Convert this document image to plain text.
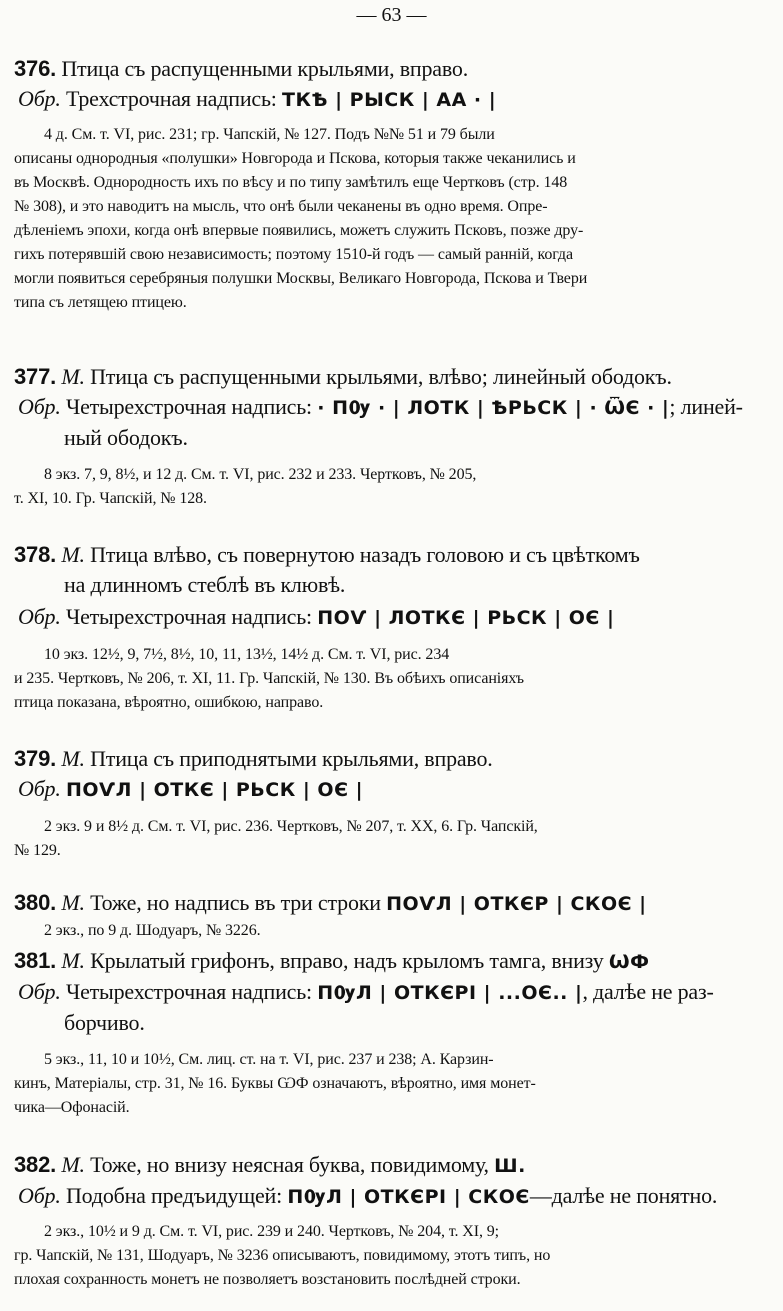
— 63 —
376. Птица съ распущенными крыльями, вправо.
Обр. Трехстрочная надпись: ТКѢ | РЫСК | АА · |
4 д. См. т. VI, рис. 231; гр. Чапскій, № 127. Подъ №№ 51 и 79 были
описаны однородныя «полушки» Новгорода и Пскова, которыя также чеканились и
въ Москвѣ. Однородность ихъ по вѣсу и по типу замѣтилъ еще Чертковъ (стр. 148
№ 308), и это наводитъ на мысль, что онѣ были чеканены въ одно время. Опре-
дѣленіемъ эпохи, когда онѣ впервые появились, можетъ служить Псковъ, позже дру-
гихъ потерявшій свою независимость; поэтому 1510-й годъ — самый ранній, когда
могли появиться серебряныя полушки Москвы, Великаго Новгорода, Пскова и Твери
типа съ летящею птицею.
377. М. Птица съ распущенными крыльями, влѣво; линейный ободокъ.
Обр. Четырехстрочная надпись: · ПѸ · | ЛОТК | ѢРЬСК | · ѾЄ · |; линей-
ный ободокъ.
8 экз. 7, 9, 8½, и 12 д. См. т. VI, рис. 232 и 233. Чертковъ, № 205,
т. XI, 10. Гр. Чапскій, № 128.
378. М. Птица влѣво, съ повернутою назадъ головою и съ цвѣткомъ
на длинномъ стеблѣ въ клювѣ.
Обр. Четырехстрочная надпись: ПОѴ | ЛОТКЄ | РЬСК | ОЄ |
10 экз. 12½, 9, 7½, 8½, 10, 11, 13½, 14½ д. См. т. VI, рис. 234
и 235. Чертковъ, № 206, т. XI, 11. Гр. Чапскій, № 130. Въ обѣихъ описаніяхъ
птица показана, вѣроятно, ошибкою, направо.
379. М. Птица съ приподнятыми крыльями, вправо.
Обр. ПОѴЛ | ОТКЄ | РЬСК | ОЄ |
2 экз. 9 и 8½ д. См. т. VI, рис. 236. Чертковъ, № 207, т. XX, 6. Гр. Чапскій,
№ 129.
380. М. Тоже, но надпись въ три строки ПОѴЛ | ОТКЄР | СКОЄ |
2 экз., по 9 д. Шодуаръ, № 3226.
381. М. Крылатый грифонъ, вправо, надъ крыломъ тамга, внизу ѠФ
Обр. Четырехстрочная надпись: ПѸЛ | ОТКЄРІ | ...ОЄ.. |, далѣе не раз-
борчиво.
5 экз., 11, 10 и 10½, См. лиц. ст. на т. VI, рис. 237 и 238; А. Карзин-
кинъ, Матеріалы, стр. 31, № 16. Буквы ѠФ означаютъ, вѣроятно, имя монет-
чика—Офонасій.
382. М. Тоже, но внизу неясная буква, повидимому, Ш.
Обр. Подобна предъидущей: ПѸЛ | ОТКЄРІ | СКОЄ—далѣе не понятно.
2 экз., 10½ и 9 д. См. т. VI, рис. 239 и 240. Чертковъ, № 204, т. XI, 9;
гр. Чапскій, № 131, Шодуаръ, № 3236 описываютъ, повидимому, этотъ типъ, но
плохая сохранность монетъ не позволяетъ возстановить послѣдней строки.
